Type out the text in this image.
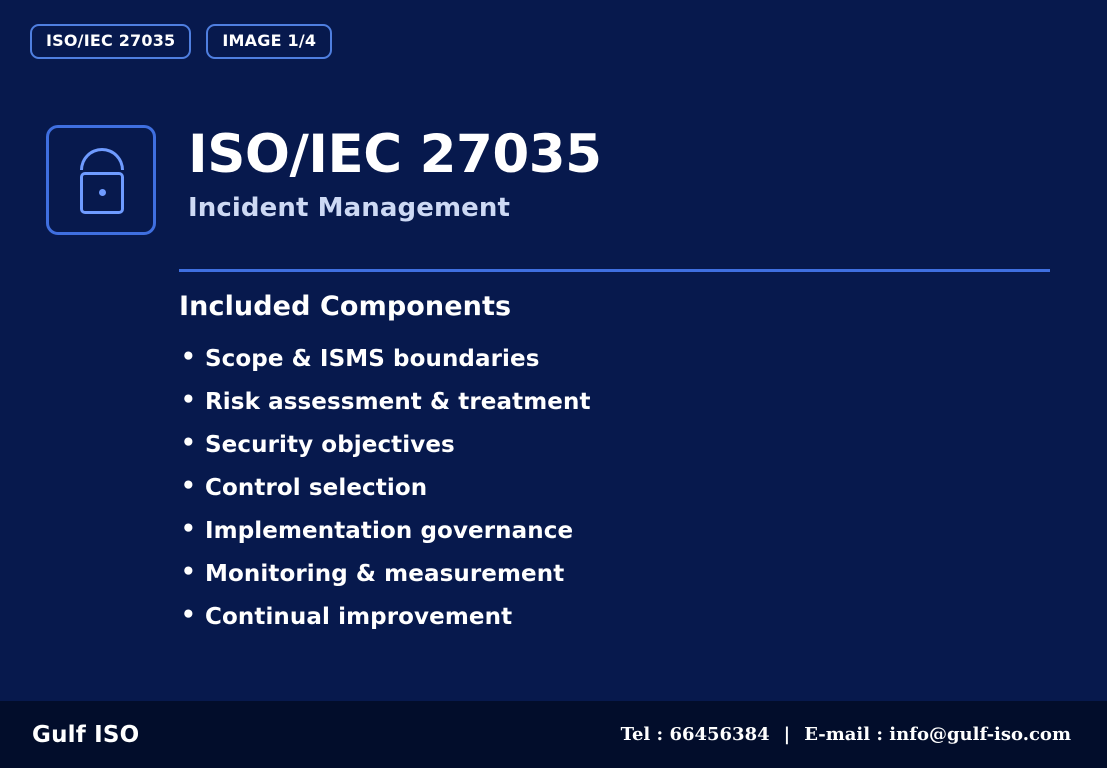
ISO/IEC 27035	IMAGE 1/4
ISO/IEC 27035
Incident Management
Included Components
• Scope & ISMS boundaries
• Risk assessment & treatment
• Security objectives
• Control selection
• Implementation governance
• Monitoring & measurement
• Continual improvement
Gulf ISO	Tel : 66456384 | E-mail : info@gulf-iso.com
